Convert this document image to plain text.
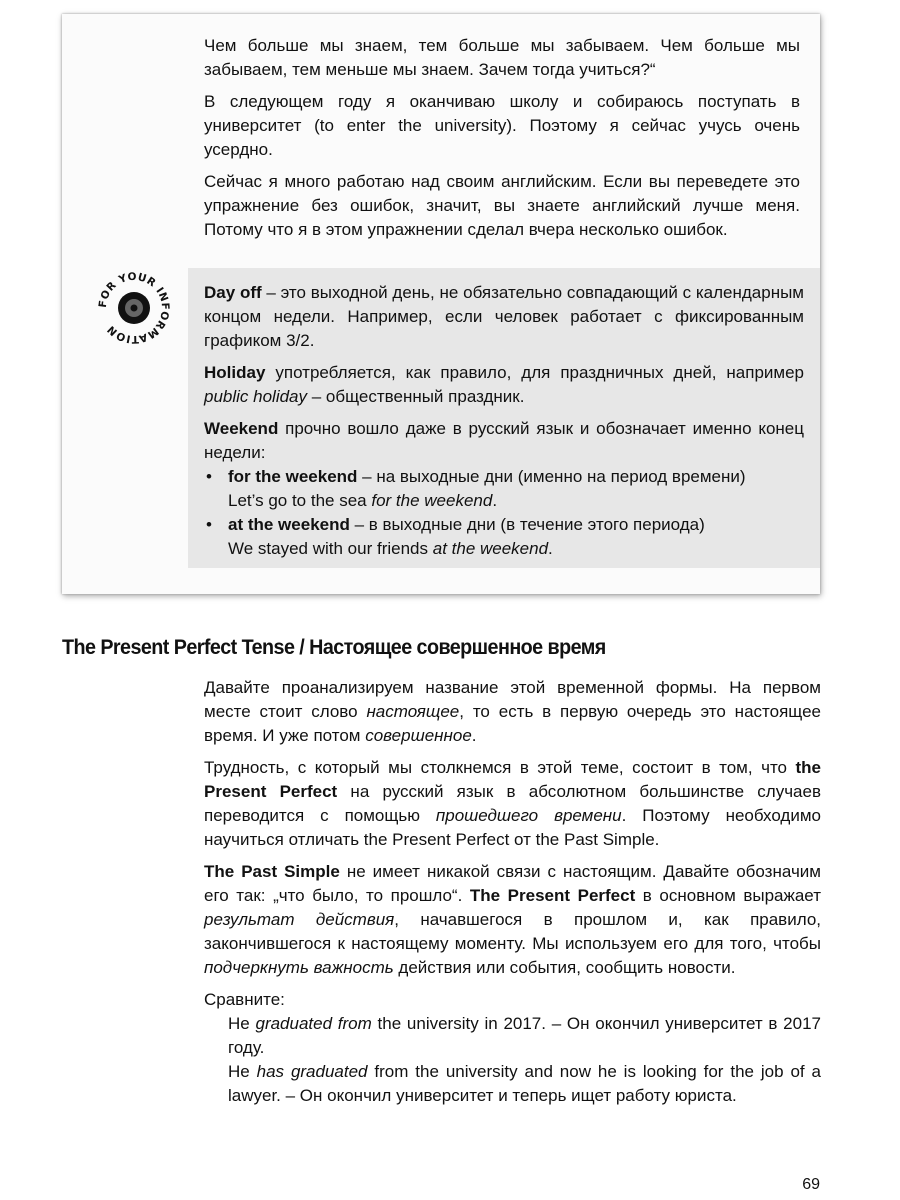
Чем больше мы знаем, тем больше мы забываем. Чем больше мы забываем, тем меньше мы знаем. Зачем тогда учиться?“

В следующем году я оканчиваю школу и собираюсь поступать в университет (to enter the university). Поэтому я сейчас учусь очень усердно.

Сейчас я много работаю над своим английским. Если вы переведете это упражнение без ошибок, значит, вы знаете английский лучше меня. Потому что я в этом упражнении сделал вчера несколько ошибок.

FOR YOUR INFORMATION

Day off – это выходной день, не обязательно совпадающий с календарным концом недели. Например, если человек работает с фиксированным графиком 3/2.

Holiday употребляется, как правило, для праздничных дней, например public holiday – общественный праздник.

Weekend прочно вошло даже в русский язык и обозначает именно конец недели:

• for the weekend – на выходные дни (именно на период времени)
Let’s go to the sea for the weekend.
• at the weekend – в выходные дни (в течение этого периода)
We stayed with our friends at the weekend.
The Present Perfect Tense / Настоящее совершенное время

Давайте проанализируем название этой временной формы. На первом месте стоит слово настоящее, то есть в первую очередь это настоящее время. И уже потом совершенное.

Трудность, с который мы столкнемся в этой теме, состоит в том, что the Present Perfect на русский язык в абсолютном большинстве случаев переводится с помощью прошедшего времени. Поэтому необходимо научиться отличать the Present Perfect от the Past Simple.

The Past Simple не имеет никакой связи с настоящим. Давайте обозначим его так: „что было, то прошло“. The Present Perfect в основном выражает результат действия, начавшегося в прошлом и, как правило, закончившегося к настоящему моменту. Мы используем его для того, чтобы подчеркнуть важность действия или события, сообщить новости.

Сравните:

He graduated from the university in 2017. – Он окончил университет в 2017 году.

He has graduated from the university and now he is looking for the job of a lawyer. – Он окончил университет и теперь ищет работу юриста.

69
